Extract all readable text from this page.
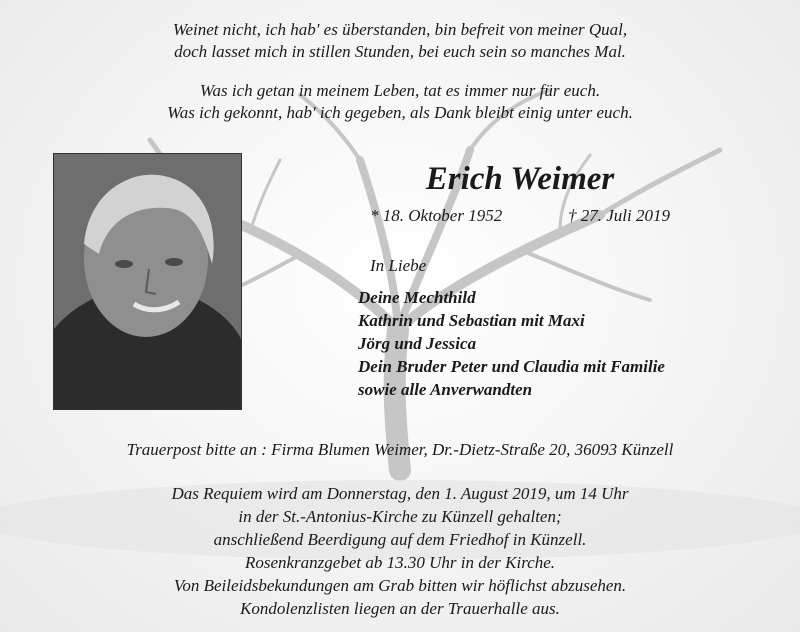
Weinet nicht, ich hab' es überstanden, bin befreit von meiner Qual,
doch lasset mich in stillen Stunden, bei euch sein so manches Mal.
Was ich getan in meinem Leben, tat es immer nur für euch.
Was ich gekonnt, hab' ich gegeben, als Dank bleibt einig unter euch.
Erich Weimer
* 18. Oktober 1952	† 27. Juli 2019
In Liebe
Deine Mechthild
Kathrin und Sebastian mit Maxi
Jörg und Jessica
Dein Bruder Peter und Claudia mit Familie
sowie alle Anverwandten
Trauerpost bitte an : Firma Blumen Weimer, Dr.-Dietz-Straße 20, 36093 Künzell
Das Requiem wird am Donnerstag, den 1. August 2019, um 14 Uhr
in der St.-Antonius-Kirche zu Künzell gehalten;
anschließend Beerdigung auf dem Friedhof in Künzell.
Rosenkranzgebet ab 13.30 Uhr in der Kirche.
Von Beileidsbekundungen am Grab bitten wir höflichst abzusehen.
Kondolenzlisten liegen an der Trauerhalle aus.
